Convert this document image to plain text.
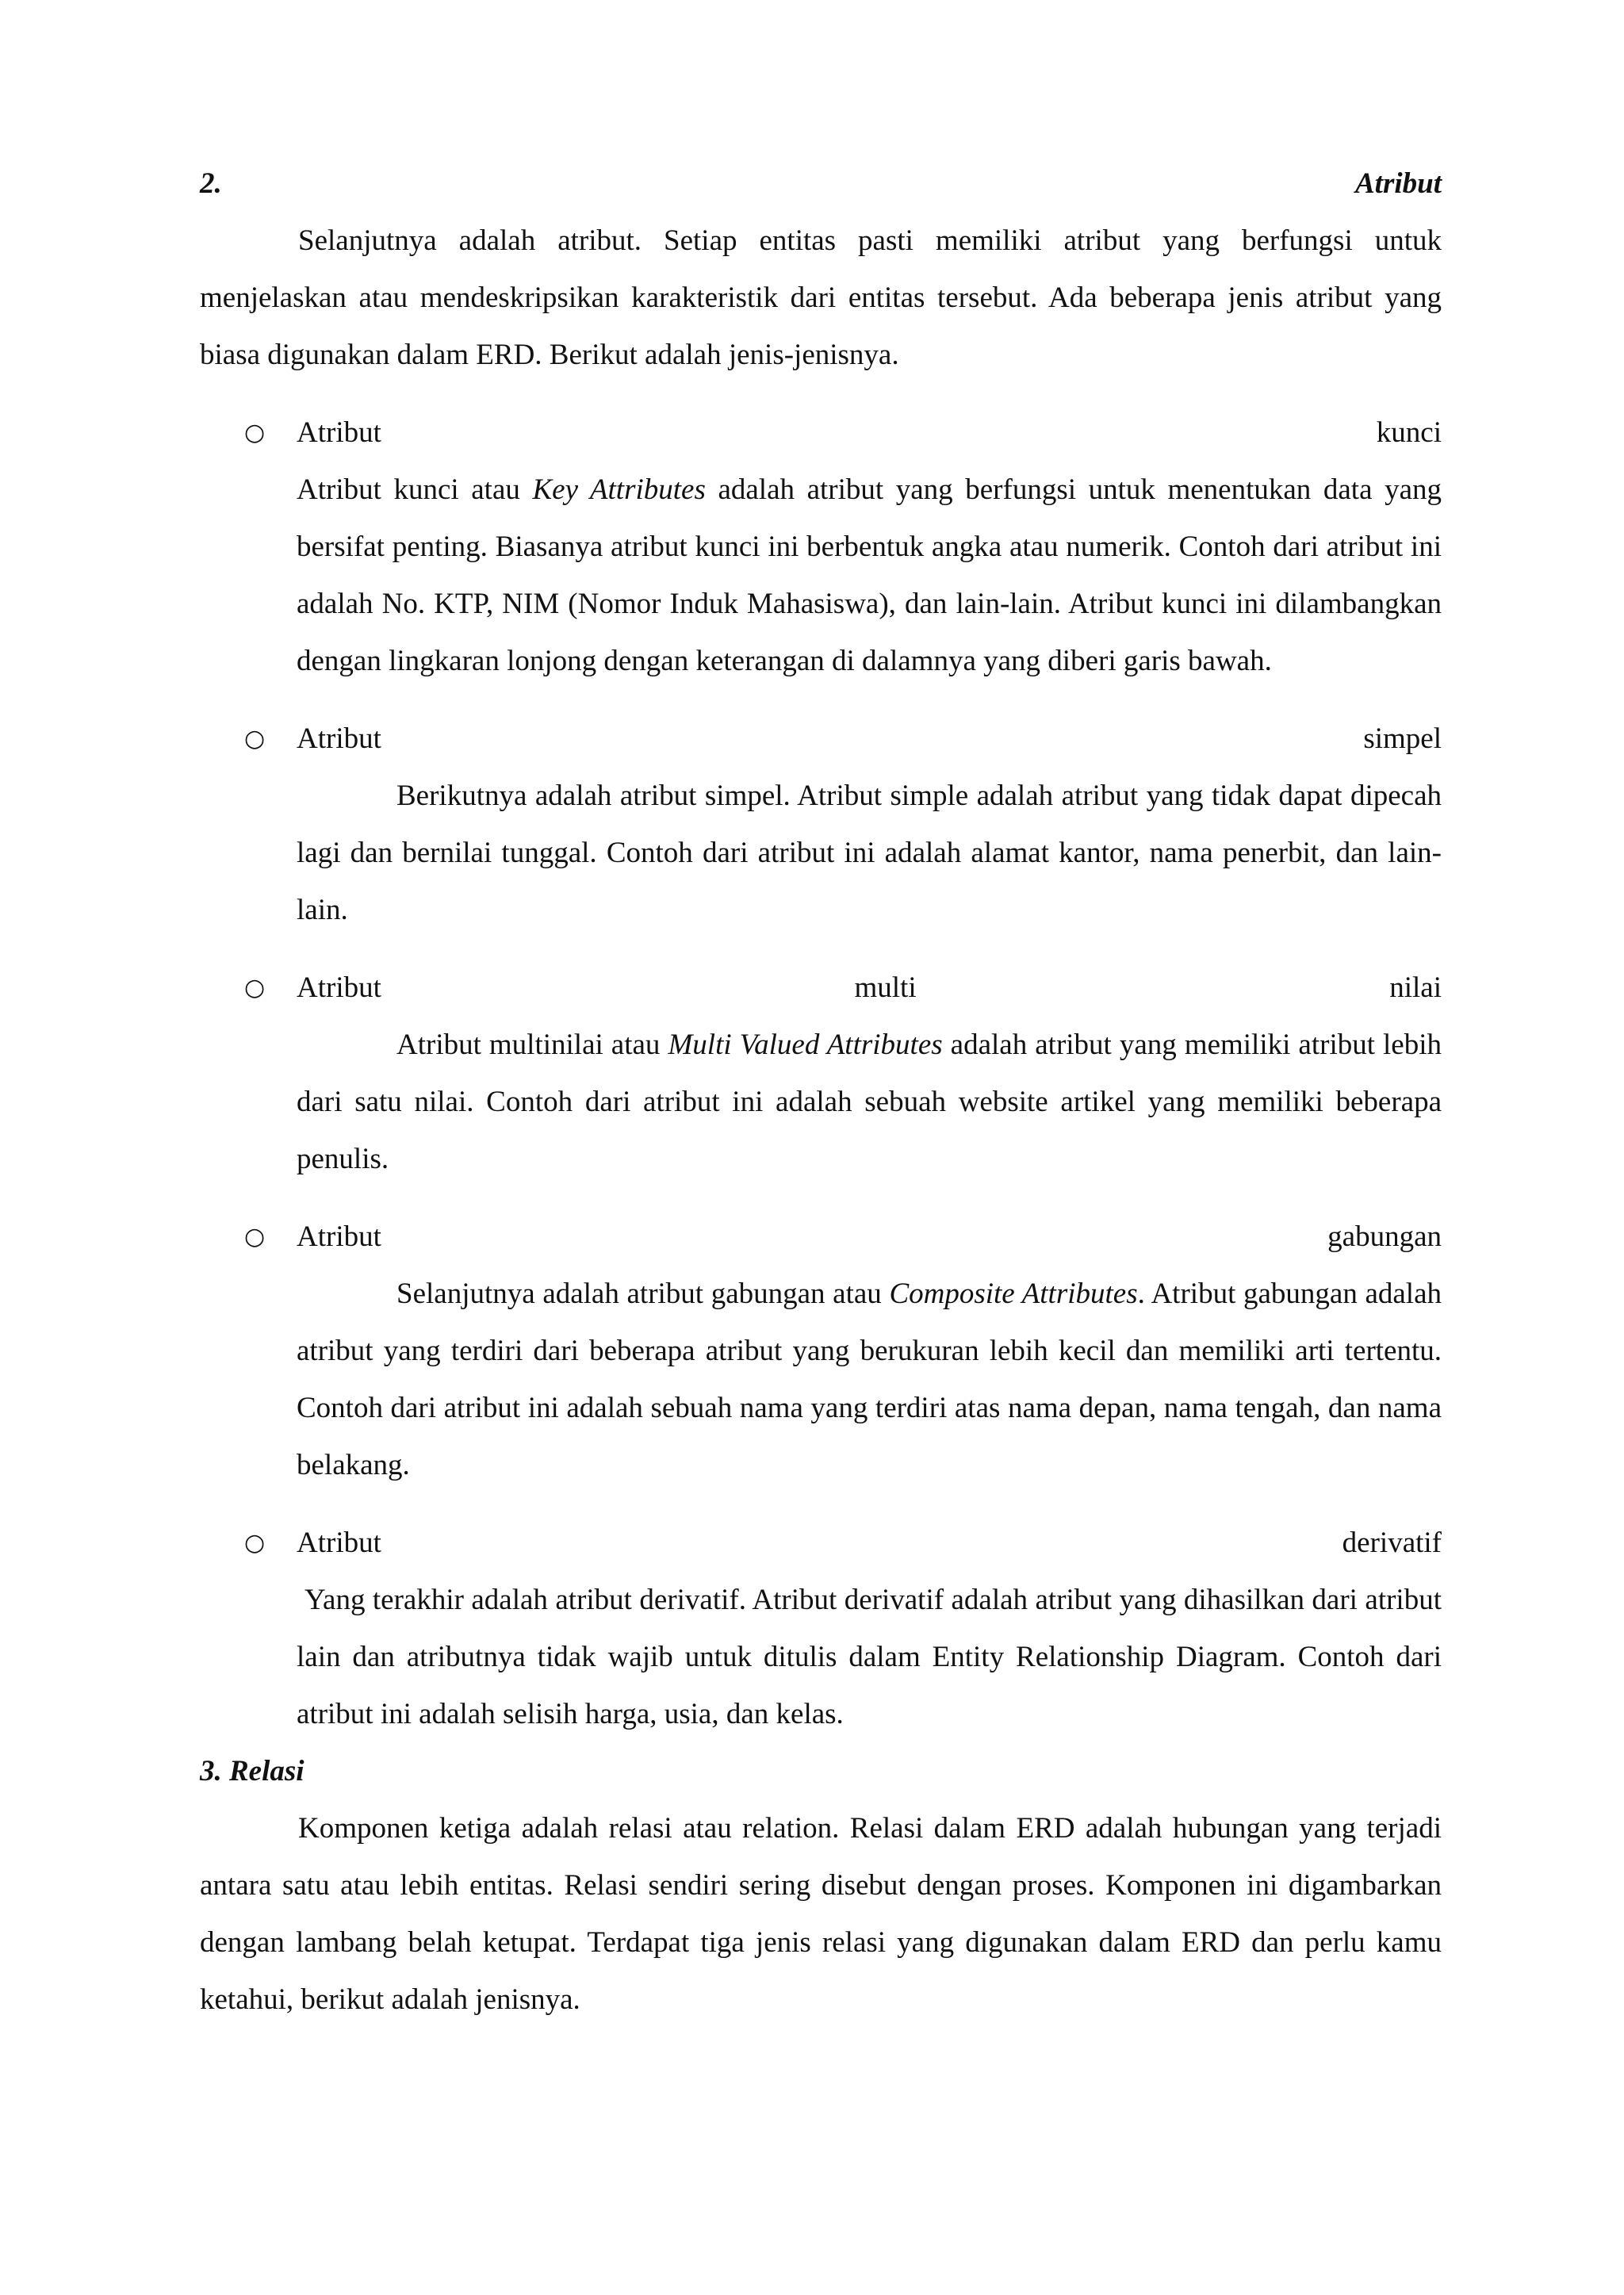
2.	Atribut

Selanjutnya adalah atribut. Setiap entitas pasti memiliki atribut yang berfungsi untuk menjelaskan atau mendeskripsikan karakteristik dari entitas tersebut. Ada beberapa jenis atribut yang biasa digunakan dalam ERD. Berikut adalah jenis-jenisnya.

○ Atribut	kunci

Atribut kunci atau Key Attributes adalah atribut yang berfungsi untuk menentukan data yang bersifat penting. Biasanya atribut kunci ini berbentuk angka atau numerik. Contoh dari atribut ini adalah No. KTP, NIM (Nomor Induk Mahasiswa), dan lain-lain. Atribut kunci ini dilambangkan dengan lingkaran lonjong dengan keterangan di dalamnya yang diberi garis bawah.

○ Atribut	simpel

Berikutnya adalah atribut simpel. Atribut simple adalah atribut yang tidak dapat dipecah lagi dan bernilai tunggal. Contoh dari atribut ini adalah alamat kantor, nama penerbit, dan lain-lain.

○ Atribut	multi	nilai

Atribut multinilai atau Multi Valued Attributes adalah atribut yang memiliki atribut lebih dari satu nilai. Contoh dari atribut ini adalah sebuah website artikel yang memiliki beberapa penulis.

○ Atribut	gabungan

Selanjutnya adalah atribut gabungan atau Composite Attributes. Atribut gabungan adalah atribut yang terdiri dari beberapa atribut yang berukuran lebih kecil dan memiliki arti tertentu. Contoh dari atribut ini adalah sebuah nama yang terdiri atas nama depan, nama tengah, dan nama belakang.

○ Atribut	derivatif

Yang terakhir adalah atribut derivatif. Atribut derivatif adalah atribut yang dihasilkan dari atribut lain dan atributnya tidak wajib untuk ditulis dalam Entity Relationship Diagram. Contoh dari atribut ini adalah selisih harga, usia, dan kelas.

3. Relasi

Komponen ketiga adalah relasi atau relation. Relasi dalam ERD adalah hubungan yang terjadi antara satu atau lebih entitas. Relasi sendiri sering disebut dengan proses. Komponen ini digambarkan dengan lambang belah ketupat. Terdapat tiga jenis relasi yang digunakan dalam ERD dan perlu kamu ketahui, berikut adalah jenisnya.
